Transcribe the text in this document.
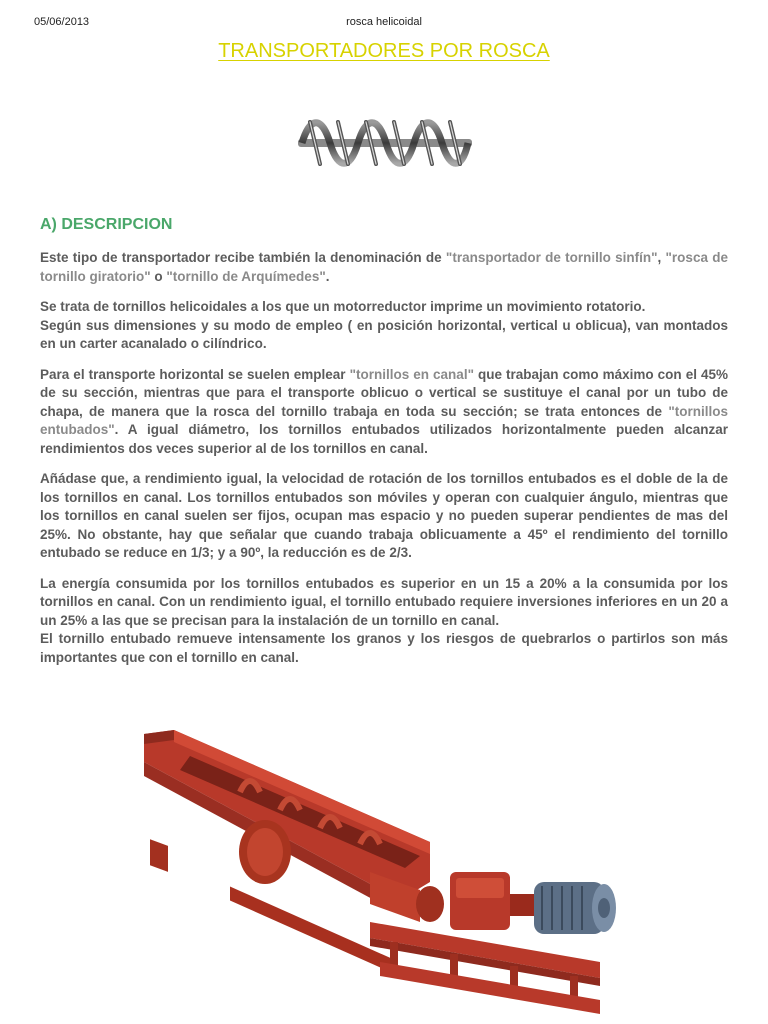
05/06/2013	rosca helicoidal
TRANSPORTADORES POR ROSCA
A) DESCRIPCION

Este tipo de transportador recibe también la denominación de "transportador de tornillo sinfín", "rosca de tornillo giratorio" o "tornillo de Arquímedes".

Se trata de tornillos helicoidales a los que un motorreductor imprime un movimiento rotatorio.
Según sus dimensiones y su modo de empleo ( en posición horizontal, vertical u oblicua), van montados en un carter acanalado o cilíndrico.

Para el transporte horizontal se suelen emplear "tornillos en canal" que trabajan como máximo con el 45% de su sección, mientras que para el transporte oblicuo o vertical se sustituye el canal por un tubo de chapa, de manera que la rosca del tornillo trabaja en toda su sección; se trata entonces de "tornillos entubados". A igual diámetro, los tornillos entubados utilizados horizontalmente pueden alcanzar rendimientos dos veces superior al de los tornillos en canal.

Añádase que, a rendimiento igual, la velocidad de rotación de los tornillos entubados es el doble de la de los tornillos en canal. Los tornillos entubados son móviles y operan con cualquier ángulo, mientras que los tornillos en canal suelen ser fijos, ocupan mas espacio y no pueden superar pendientes de mas del 25%. No obstante, hay que señalar que cuando trabaja oblicuamente a 45º el rendimiento del tornillo entubado se reduce en 1/3; y a 90º, la reducción es de 2/3.

La energía consumida por los tornillos entubados es superior en un 15 a 20% a la consumida por los tornillos en canal. Con un rendimiento igual, el tornillo entubado requiere inversiones inferiores en un 20 a un 25% a las que se precisan para la instalación de un tornillo en canal.
El tornillo entubado remueve intensamente los granos y los riesgos de quebrarlos o partirlos son más importantes que con el tornillo en canal.
